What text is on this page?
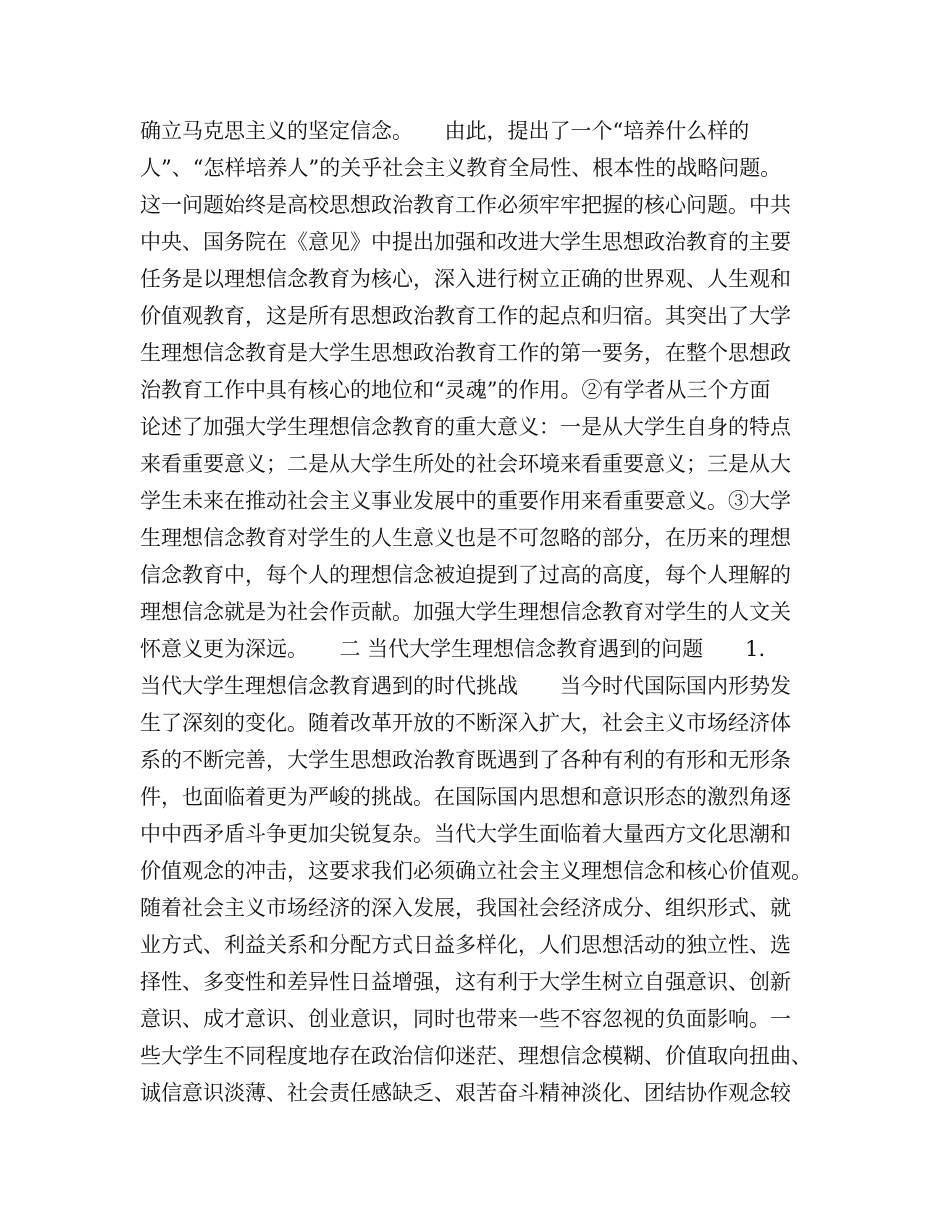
确立马克思主义的坚定信念。　　由此，提出了一个“培养什么样的
人”、“怎样培养人”的关乎社会主义教育全局性、根本性的战略问题。
这一问题始终是高校思想政治教育工作必须牢牢把握的核心问题。中共
中央、国务院在《意见》中提出加强和改进大学生思想政治教育的主要
任务是以理想信念教育为核心，深入进行树立正确的世界观、人生观和
价值观教育，这是所有思想政治教育工作的起点和归宿。其突出了大学
生理想信念教育是大学生思想政治教育工作的第一要务，在整个思想政
治教育工作中具有核心的地位和“灵魂”的作用。②有学者从三个方面
论述了加强大学生理想信念教育的重大意义：一是从大学生自身的特点
来看重要意义；二是从大学生所处的社会环境来看重要意义；三是从大
学生未来在推动社会主义事业发展中的重要作用来看重要意义。③大学
生理想信念教育对学生的人生意义也是不可忽略的部分，在历来的理想
信念教育中，每个人的理想信念被迫提到了过高的高度，每个人理解的
理想信念就是为社会作贡献。加强大学生理想信念教育对学生的人文关
怀意义更为深远。　　二 当代大学生理想信念教育遇到的问题　　1.
当代大学生理想信念教育遇到的时代挑战　　当今时代国际国内形势发
生了深刻的变化。随着改革开放的不断深入扩大，社会主义市场经济体
系的不断完善，大学生思想政治教育既遇到了各种有利的有形和无形条
件，也面临着更为严峻的挑战。在国际国内思想和意识形态的激烈角逐
中中西矛盾斗争更加尖锐复杂。当代大学生面临着大量西方文化思潮和
价值观念的冲击，这要求我们必须确立社会主义理想信念和核心价值观。
随着社会主义市场经济的深入发展，我国社会经济成分、组织形式、就
业方式、利益关系和分配方式日益多样化，人们思想活动的独立性、选
择性、多变性和差异性日益增强，这有利于大学生树立自强意识、创新
意识、成才意识、创业意识，同时也带来一些不容忽视的负面影响。一
些大学生不同程度地存在政治信仰迷茫、理想信念模糊、价值取向扭曲、
诚信意识淡薄、社会责任感缺乏、艰苦奋斗精神淡化、团结协作观念较
